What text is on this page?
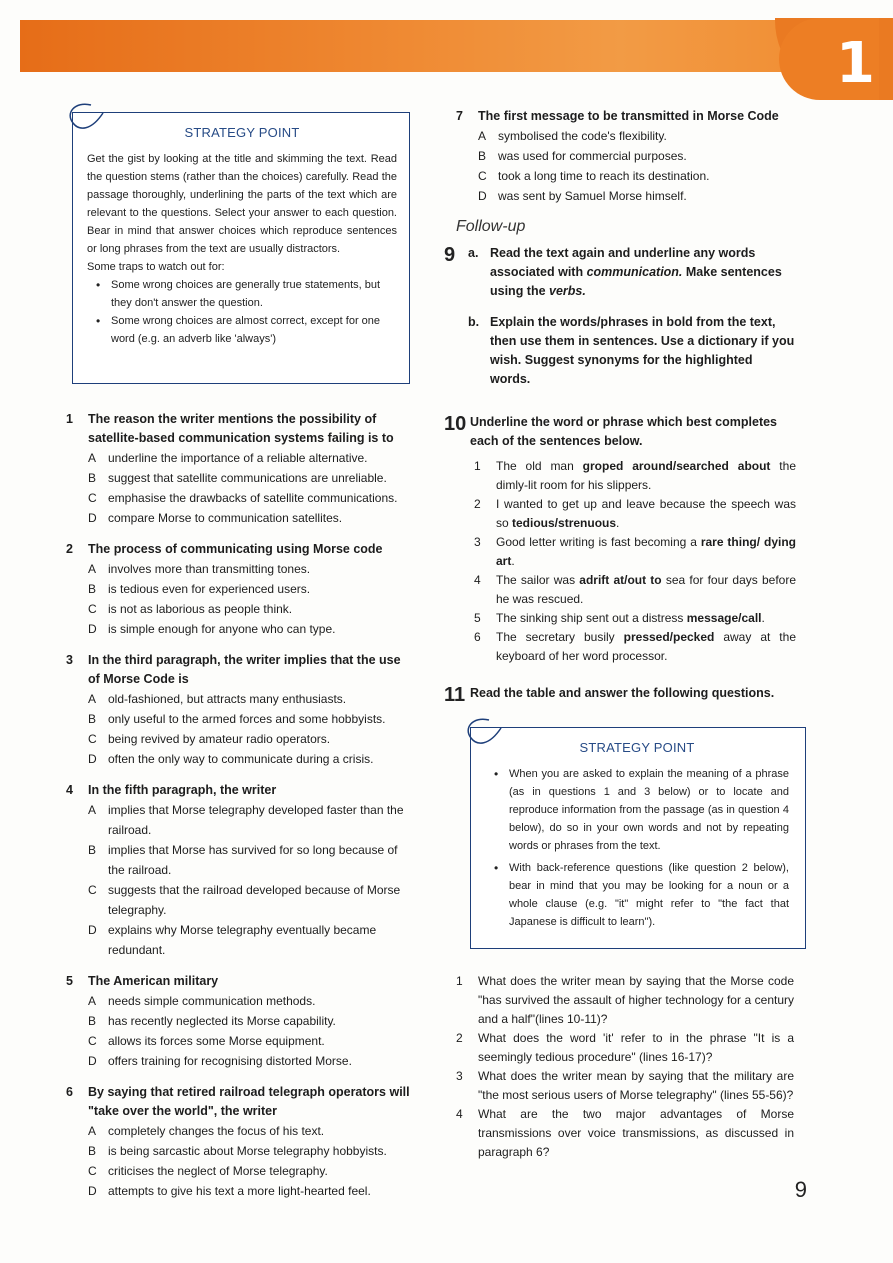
1
STRATEGY POINT

Get the gist by looking at the title and skimming the text. Read the question stems (rather than the choices) carefully. Read the passage thoroughly, underlining the parts of the text which are relevant to the questions. Select your answer to each question. Bear in mind that answer choices which reproduce sentences or long phrases from the text are usually distractors.

Some traps to watch out for:

• Some wrong choices are generally true statements, but they don't answer the question.
• Some wrong choices are almost correct, except for one word (e.g. an adverb like 'always')
1	The reason the writer mentions the possibility of satellite-based communication systems failing is to
A underline the importance of a reliable alternative.
B suggest that satellite communications are unreliable.
C emphasise the drawbacks of satellite communications.
D compare Morse to communication satellites.
2	The process of communicating using Morse code
A involves more than transmitting tones.
B is tedious even for experienced users.
C is not as laborious as people think.
D is simple enough for anyone who can type.
3	In the third paragraph, the writer implies that the use of Morse Code is
A old-fashioned, but attracts many enthusiasts.
B only useful to the armed forces and some hobbyists.
C being revived by amateur radio operators.
D often the only way to communicate during a crisis.
4	In the fifth paragraph, the writer
A implies that Morse telegraphy developed faster than the railroad.
B implies that Morse has survived for so long because of the railroad.
C suggests that the railroad developed because of Morse telegraphy.
D explains why Morse telegraphy eventually became redundant.
5	The American military
A needs simple communication methods.
B has recently neglected its Morse capability.
C allows its forces some Morse equipment.
D offers training for recognising distorted Morse.
6	By saying that retired railroad telegraph operators will "take over the world", the writer
A completely changes the focus of his text.
B is being sarcastic about Morse telegraphy hobbyists.
C criticises the neglect of Morse telegraphy.
D attempts to give his text a more light-hearted feel.
7	The first message to be transmitted in Morse Code
A symbolised the code's flexibility.
B was used for commercial purposes.
C took a long time to reach its destination.
D was sent by Samuel Morse himself.
Follow-up
9	a. Read the text again and underline any words associated with communication. Make sentences using the verbs.
b. Explain the words/phrases in bold from the text, then use them in sentences. Use a dictionary if you wish. Suggest synonyms for the highlighted words.
10 Underline the word or phrase which best completes each of the sentences below.
1	The old man groped around/searched about the dimly-lit room for his slippers.
2	I wanted to get up and leave because the speech was so tedious/strenuous.
3	Good letter writing is fast becoming a rare thing/ dying art.
4	The sailor was adrift at/out to sea for four days before he was rescued.
5	The sinking ship sent out a distress message/call.
6	The secretary busily pressed/pecked away at the keyboard of her word processor.
11 Read the table and answer the following questions.
STRATEGY POINT
• When you are asked to explain the meaning of a phrase (as in questions 1 and 3 below) or to locate and reproduce information from the passage (as in question 4 below), do so in your own words and not by repeating words or phrases from the text.
• With back-reference questions (like question 2 below), bear in mind that you may be looking for a noun or a whole clause (e.g. "it" might refer to "the fact that Japanese is difficult to learn").
1	What does the writer mean by saying that the Morse code "has survived the assault of higher technology for a century and a half"(lines 10-11)?
2	What does the word 'it' refer to in the phrase "It is a seemingly tedious procedure" (lines 16-17)?
3	What does the writer mean by saying that the military are "the most serious users of Morse telegraphy" (lines 55-56)?
4	What are the two major advantages of Morse transmissions over voice transmissions, as discussed in paragraph 6?
9
